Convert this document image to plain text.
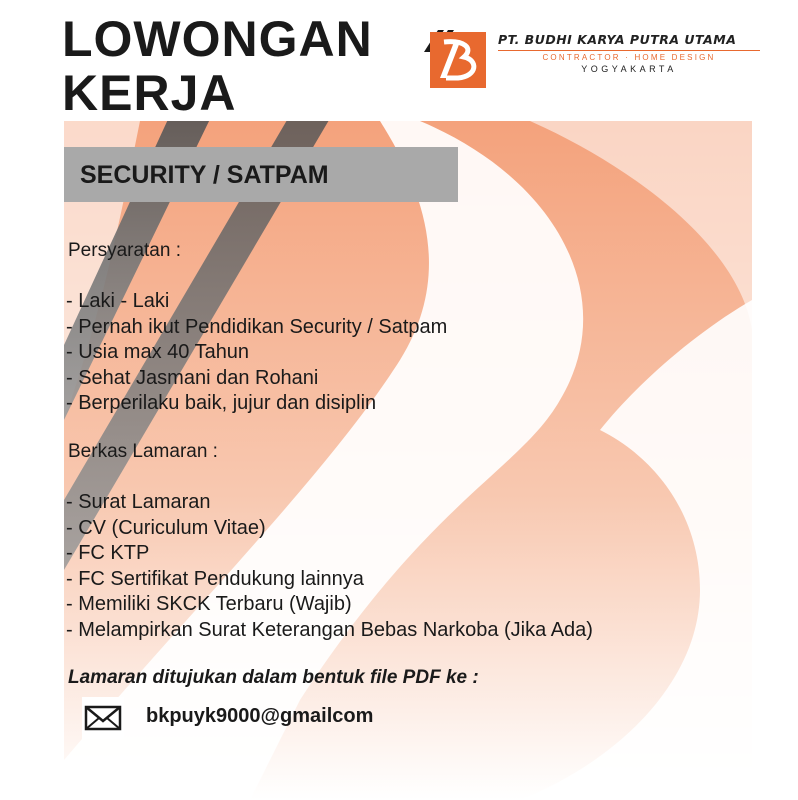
LOWONGAN
KERJA
PT. BUDHI KARYA PUTRA UTAMA
CONTRACTOR · HOME DESIGN
YOGYAKARTA
SECURITY / SATPAM
Persyaratan :
- Laki - Laki
- Pernah ikut Pendidikan Security / Satpam
- Usia max 40 Tahun
- Sehat Jasmani dan Rohani
- Berperilaku baik, jujur dan disiplin
Berkas Lamaran :
- Surat Lamaran
- CV (Curiculum Vitae)
- FC KTP
- FC Sertifikat Pendukung lainnya
- Memiliki SKCK Terbaru (Wajib)
- Melampirkan Surat Keterangan Bebas Narkoba (Jika Ada)
Lamaran ditujukan dalam bentuk file PDF ke :
bkpuyk9000@gmailcom
